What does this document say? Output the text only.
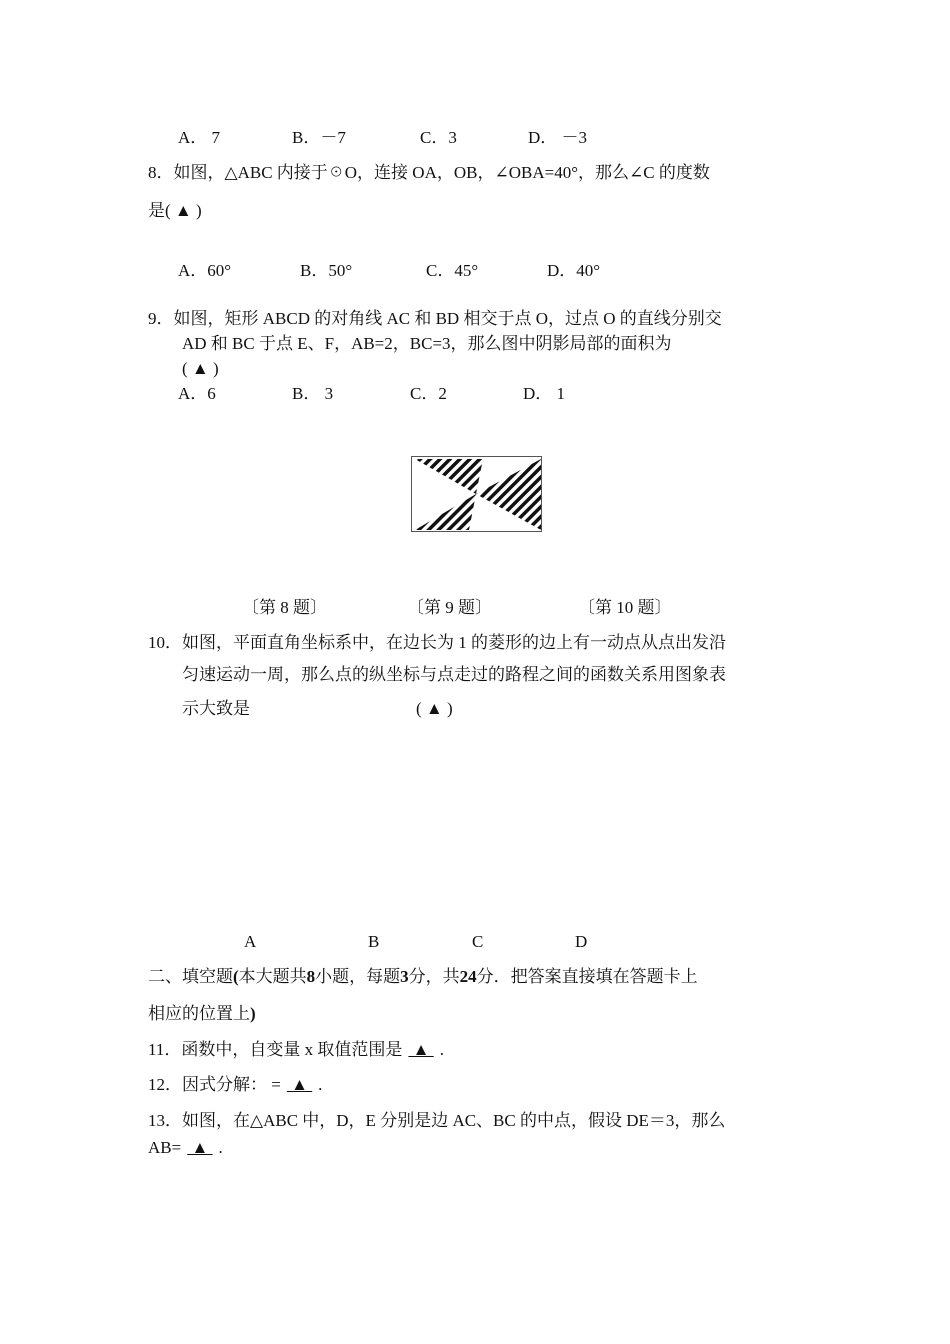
A． 7	B．－7	C．3	D． －3
8．如图，△ABC 内接于☉O，连接 OA，OB，∠OBA=40°，那么∠C 的度数
是( ▲ )
A．60°	B．50°	C．45°	D．40°
9．如图，矩形 ABCD 的对角线 AC 和 BD 相交于点 O，过点 O 的直线分别交
AD 和 BC 于点 E、F，AB=2，BC=3，那么图中阴影局部的面积为
( ▲ )
A．6	B． 3	C．2	D． 1
〔第 8 题〕	〔第 9 题〕	〔第 10 题〕
10．如图，平面直角坐标系中，在边长为 1 的菱形的边上有一动点从点出发沿
匀速运动一周，那么点的纵坐标与点走过的路程之间的函数关系用图象表
示大致是	( ▲ )
A	B	C	D
二、填空题(本大题共8小题，每题3分，共24分．把答案直接填在答题卡上
相应的位置上)
11．函数中，自变量 x 取值范围是 ▲ .
12．因式分解： = ▲ .
13．如图，在△ABC 中，D，E 分别是边 AC、BC 的中点，假设 DE＝3，那么
AB= ▲ .
